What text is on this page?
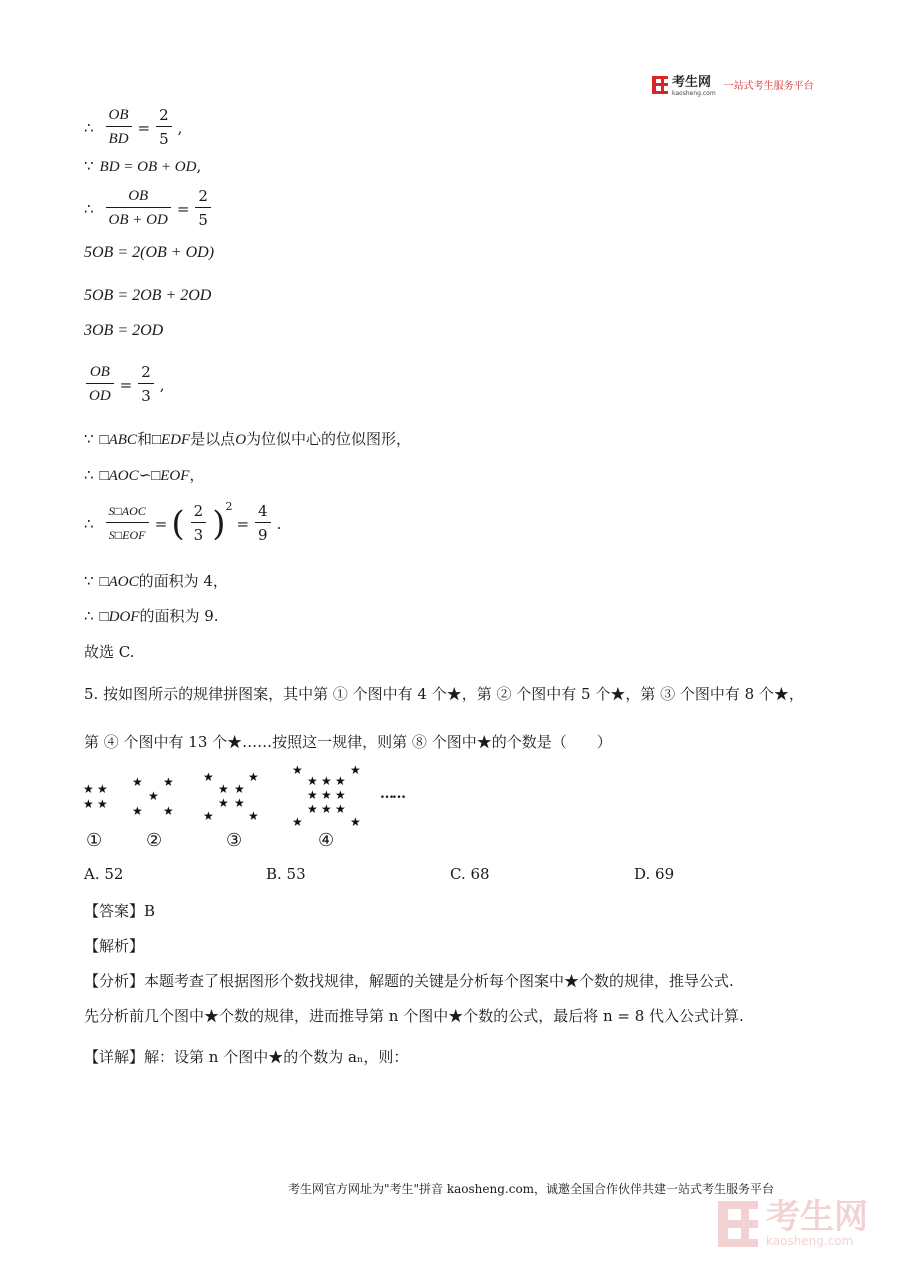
考生网
kaosheng.com
一站式考生服务平台
∴ $\frac{OB}{BD} = \frac{2}{5}$ ,
∵ BD = OB + OD,
∴ $\frac{OB}{OB + OD} = \frac{2}{5}$
5OB = 2(OB + OD)
5OB = 2OB + 2OD
3OB = 2OD
$\frac{OB}{OD} = \frac{2}{3}$ ,
∵ □ABC和□EDF是以点O为位似中心的位似图形，
∴ □AOC∽□EOF，
∴ $\frac{\text{S□AOC}}{\text{S□EOF}}$ = ( $\frac{2}{3} )^2$
= $\frac{4}{9}$ .
∵ □AOC的面积为 4，
∴ □DOF的面积为 9.
故选 C.
5. 按如图所示的规律拼图案，其中第 ① 个图中有 4 个★，第 ② 个图中有 5 个★，第 ③ 个图中有 8 个★，
第 ④ 个图中有 13 个★……按照这一规律，则第 ⑧ 个图中★的个数是（　　）
★ ★
★ ★
★ ★
★
★ ★
★	★
★ ★
★ ★
★	★
★	★
★ ★ ★
★ ★ ★
★ ★ ★
★	★
……
① ②	③	④
A. 52	B. 53	C. 68	D. 69
【答案】B
【解析】
【分析】本题考查了根据图形个数找规律，解题的关键是分析每个图案中★个数的规律，推导公式.
先分析前几个图中★个数的规律，进而推导第 n 个图中★个数的公式，最后将 n = 8 代入公式计算.
【详解】解：设第 n 个图中★的个数为 aₙ，则：
考生网官方网址为"考生"拼音 kaosheng.com，诚邀全国合作伙伴共建一站式考生服务平台
考生网
kaosheng.com
